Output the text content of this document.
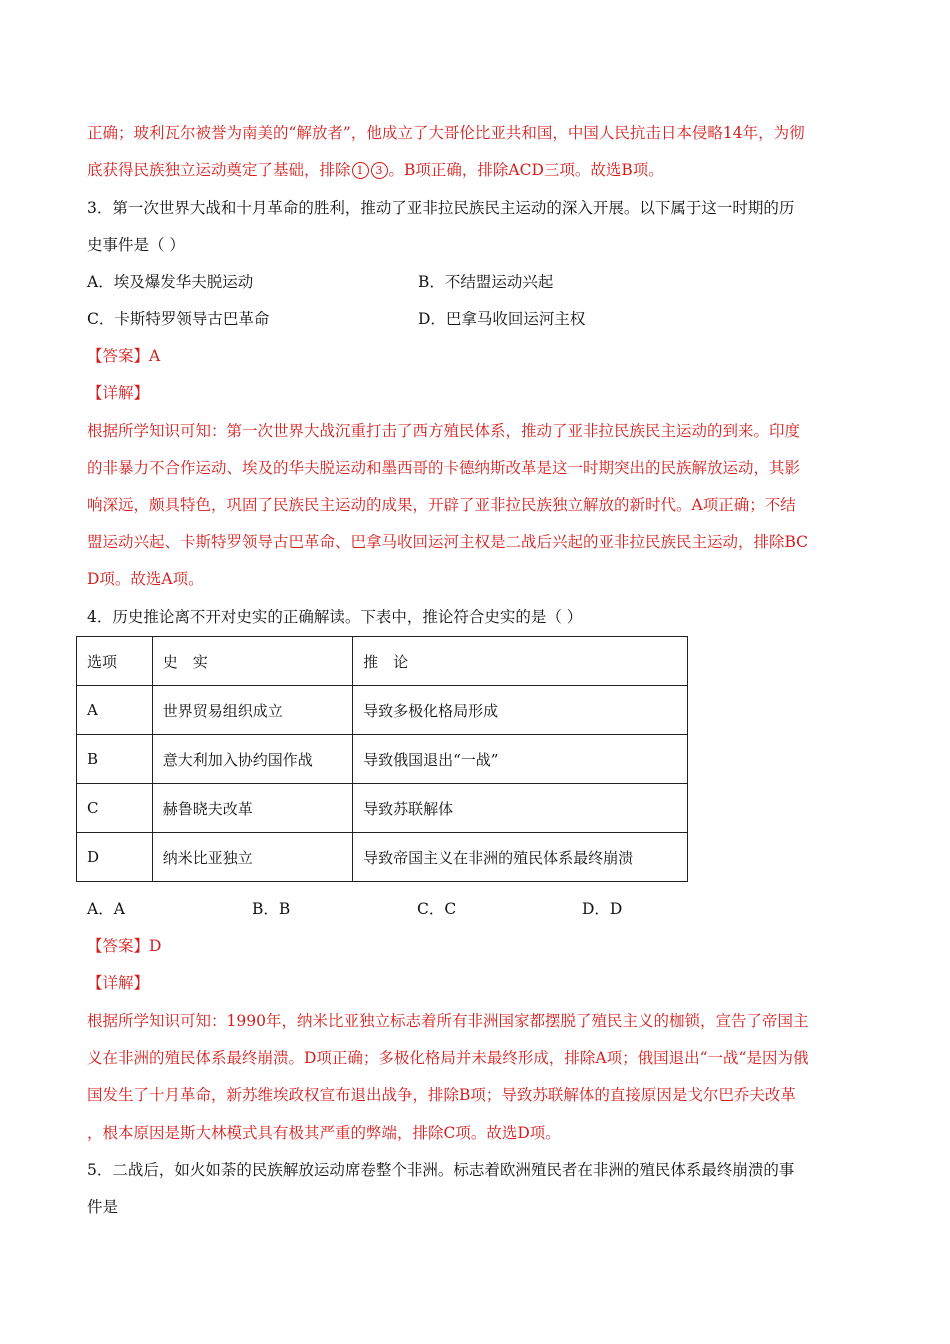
正确；玻利瓦尔被誉为南美的“解放者”，他成立了大哥伦比亚共和国，中国人民抗击日本侵略14年，为彻
底获得民族独立运动奠定了基础，排除 1 3 。B项正确，排除ACD三项。故选B项。
3．第一次世界大战和十月革命的胜利，推动了亚非拉民族民主运动的深入开展。以下属于这一时期的历
史事件是（ ）
A．埃及爆发华夫脱运动	B．不结盟运动兴起
C．卡斯特罗领导古巴革命	D．巴拿马收回运河主权
【答案】A
【详解】
根据所学知识可知：第一次世界大战沉重打击了西方殖民体系，推动了亚非拉民族民主运动的到来。印度
的非暴力不合作运动、埃及的华夫脱运动和墨西哥的卡德纳斯改革是这一时期突出的民族解放运动，其影
响深远，颇具特色，巩固了民族民主运动的成果，开辟了亚非拉民族独立解放的新时代。A项正确；不结
盟运动兴起、卡斯特罗领导古巴革命、巴拿马收回运河主权是二战后兴起的亚非拉民族民主运动，排除BC
D项。故选A项。
4．历史推论离不开对史实的正确解读。下表中，推论符合史实的是（ ）
选项	史　实	推　论
A	世界贸易组织成立	导致多极化格局形成
B	意大利加入协约国作战	导致俄国退出“一战”
C	赫鲁晓夫改革	导致苏联解体
D	纳米比亚独立	导致帝国主义在非洲的殖民体系最终崩溃
A．A	B．B	C．C	D．D
【答案】D
【详解】
根据所学知识可知：1990年，纳米比亚独立标志着所有非洲国家都摆脱了殖民主义的枷锁，宣告了帝国主
义在非洲的殖民体系最终崩溃。D项正确；多极化格局并未最终形成，排除A项；俄国退出“一战“是因为俄
国发生了十月革命，新苏维埃政权宣布退出战争，排除B项；导致苏联解体的直接原因是戈尔巴乔夫改革
，根本原因是斯大林模式具有极其严重的弊端，排除C项。故选D项。
5．二战后，如火如荼的民族解放运动席卷整个非洲。标志着欧洲殖民者在非洲的殖民体系最终崩溃的事
件是
